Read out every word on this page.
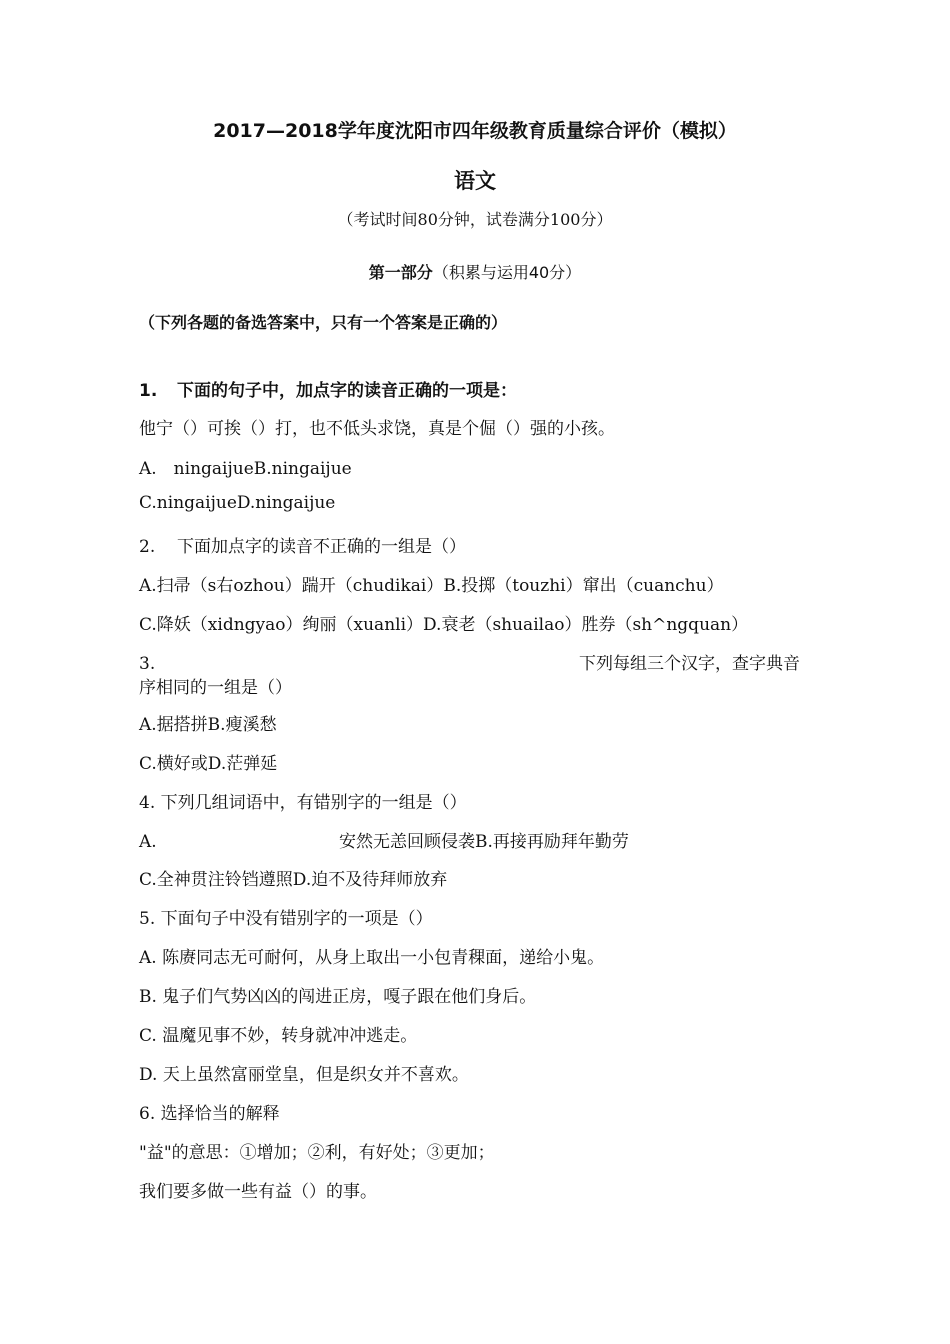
2017—2018学年度沈阳市四年级教育质量综合评价（模拟）
语文
（考试时间80分钟，试卷满分100分）
第一部分（积累与运用40分）
（下列各题的备选答案中，只有一个答案是正确的）
1. 下面的句子中，加点字的读音正确的一项是：
他宁（）可挨（）打，也不低头求饶，真是个倔（）强的小孩。
A.　ningaijueB.ningaijue
C.ningaijueD.ningaijue
2. 下面加点字的读音不正确的一组是（）
A.扫帚（s右ozhou）踹开（chudikai）B.投掷（touzhi）窜出（cuanchu）
C.降妖（xidngyao）绚丽（xuanli）D.衰老（shuailao）胜券（sh^ngquan）
3.	下列每组三个汉字，查字典音
序相同的一组是（）
A.据搭拼B.瘦溪愁
C.横好或D.茫弹延
4. 下列几组词语中，有错别字的一组是（）
A.	安然无恙回顾侵袭B.再接再励拜年勤劳
C.全神贯注铃铛遵照D.迫不及待拜师放弃
5. 下面句子中没有错别字的一项是（）
A. 陈赓同志无可耐何，从身上取出一小包青稞面，递给小鬼。
B. 鬼子们气势凶凶的闯进正房，嘎子跟在他们身后。
C. 温魔见事不妙，转身就冲冲逃走。
D. 天上虽然富丽堂皇，但是织女并不喜欢。
6. 选择恰当的解释
"益"的意思：①增加；②利，有好处；③更加；
我们要多做一些有益（）的事。
